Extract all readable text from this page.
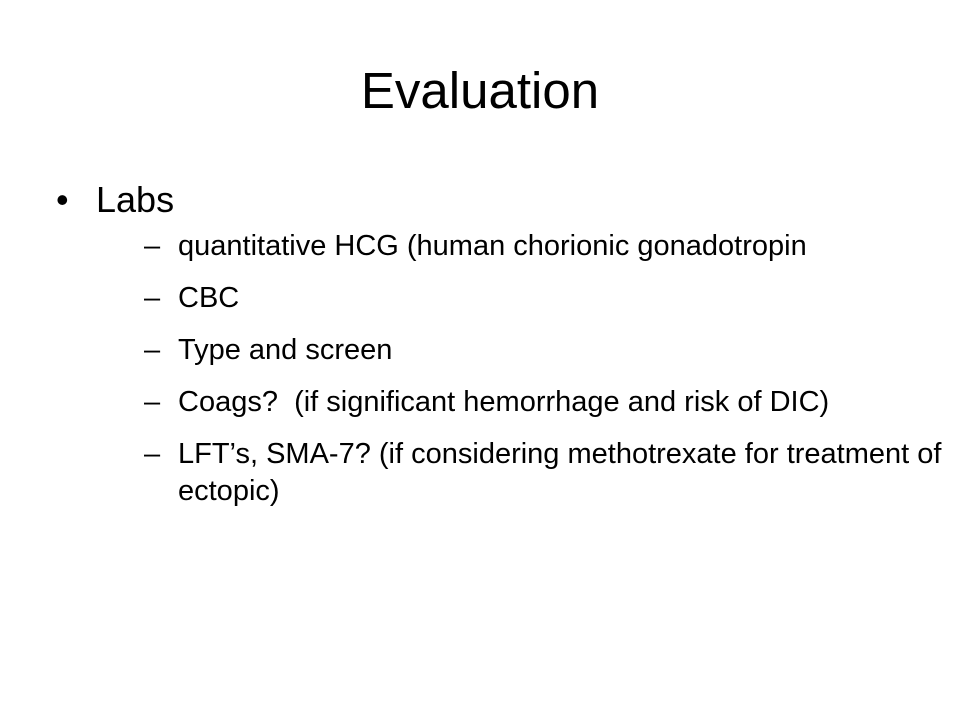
Evaluation
• Labs
– quantitative HCG (human chorionic gonadotropin
– CBC
– Type and screen
– Coags?  (if significant hemorrhage and risk of DIC)
– LFT’s, SMA-7? (if considering methotrexate for treatment of ectopic)
